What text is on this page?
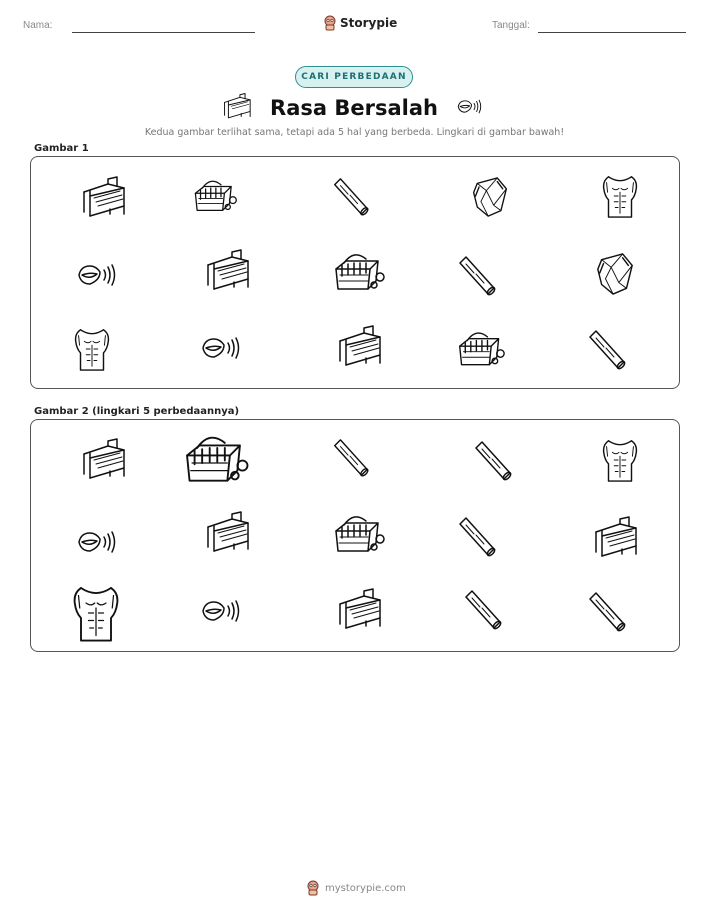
Nama:	Storypie	Tanggal:
CARI PERBEDAAN
Rasa Bersalah
Kedua gambar terlihat sama, tetapi ada 5 hal yang berbeda. Lingkari di gambar bawah!
Gambar 1
Gambar 2 (lingkari 5 perbedaannya)
mystorypie.com
